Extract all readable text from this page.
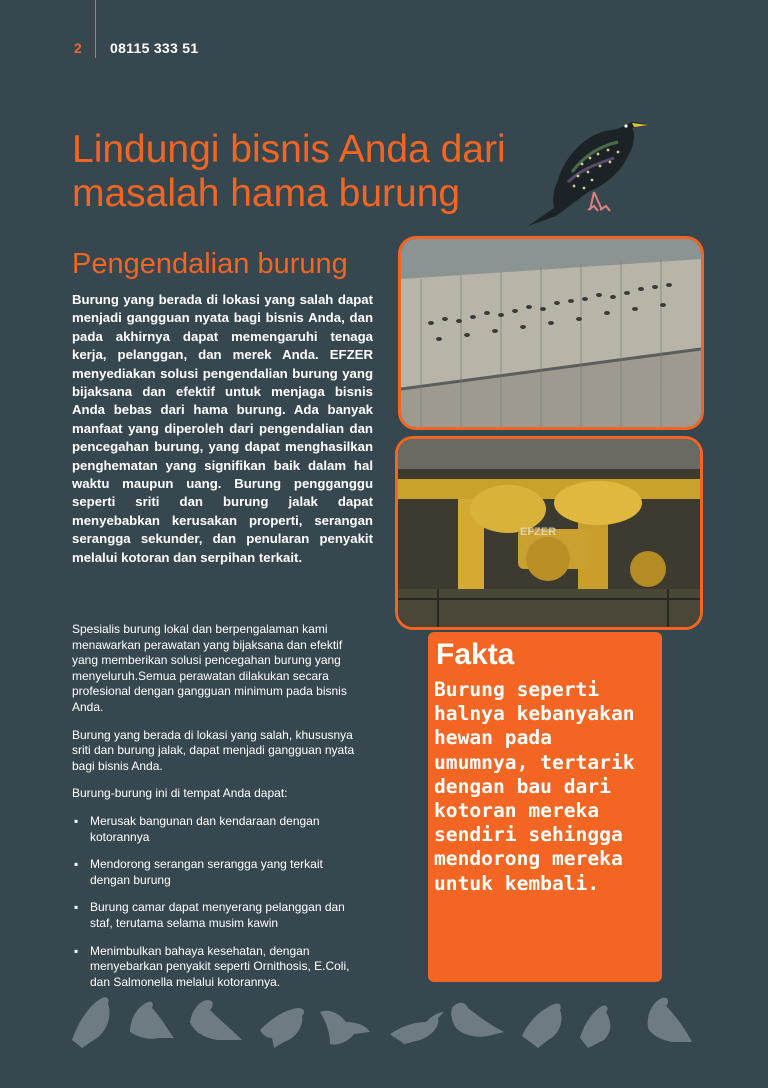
2 08115 333 51
Lindungi bisnis Anda dari masalah hama burung
Pengendalian burung

Burung yang berada di lokasi yang salah dapat menjadi gangguan nyata bagi bisnis Anda, dan pada akhirnya dapat memengaruhi tenaga kerja, pelanggan, dan merek Anda. EFZER menyediakan solusi pengendalian burung yang bijaksana dan efektif untuk menjaga bisnis Anda bebas dari hama burung. Ada banyak manfaat yang diperoleh dari pengendalian dan pencegahan burung, yang dapat menghasilkan penghematan yang signifikan baik dalam hal waktu maupun uang. Burung pengganggu seperti sriti dan burung jalak dapat menyebabkan kerusakan properti, serangan serangga sekunder, dan penularan penyakit melalui kotoran dan serpihan terkait.

Spesialis burung lokal dan berpengalaman kami menawarkan perawatan yang bijaksana dan efektif yang memberikan solusi pencegahan burung yang menyeluruh.Semua perawatan dilakukan secara profesional dengan gangguan minimum pada bisnis Anda.

Burung yang berada di lokasi yang salah, khususnya sriti dan burung jalak, dapat menjadi gangguan nyata bagi bisnis Anda.

Burung-burung ini di tempat Anda dapat:

▪ Merusak bangunan dan kendaraan dengan kotorannya
▪ Mendorong serangan serangga yang terkait dengan burung
▪ Burung camar dapat menyerang pelanggan dan staf, terutama selama musim kawin
▪ Menimbulkan bahaya kesehatan, dengan menyebarkan penyakit seperti Ornithosis, E.Coli, dan Salmonella melalui kotorannya.
EFZER
Fakta

Burung seperti halnya kebanyakan hewan pada umumnya, tertarik dengan bau dari kotoran mereka sendiri sehingga mendorong mereka untuk kembali.
